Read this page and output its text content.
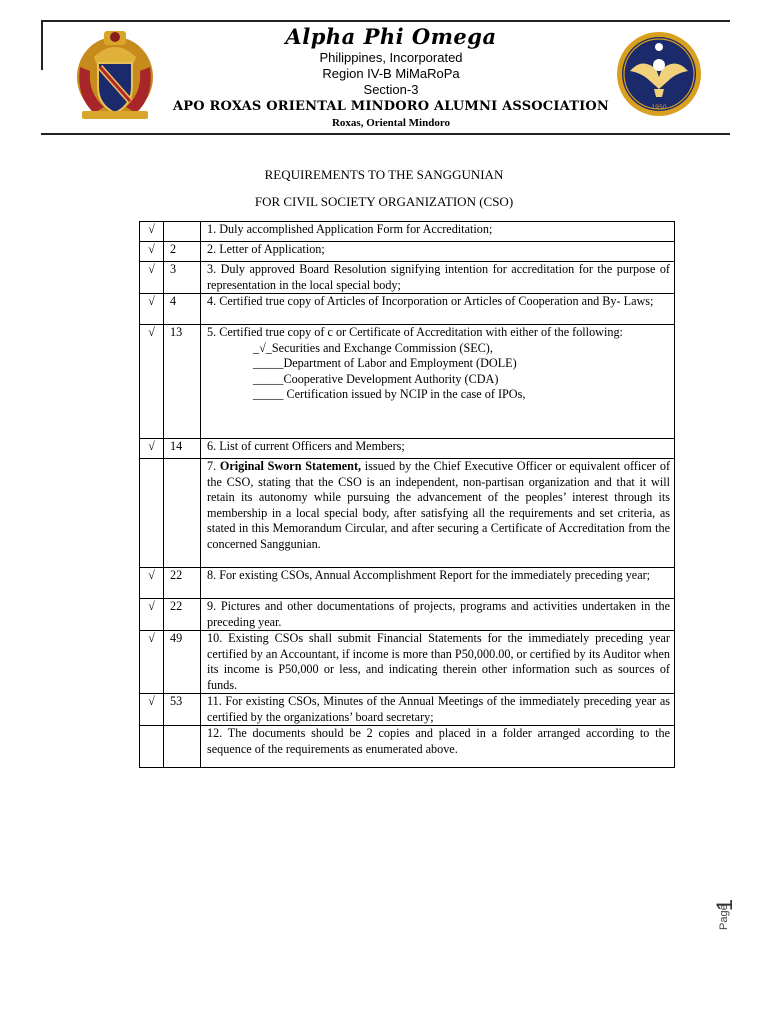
Alpha Phi Omega
Philippines, Incorporated
Region IV-B MiMaRoPa
Section-3
APO ROXAS ORIENTAL MINDORO ALUMNI ASSOCIATION
Roxas, Oriental Mindoro
1950
REQUIREMENTS TO THE SANGGUNIAN
FOR CIVIL SOCIETY ORGANIZATION (CSO)
√		1. Duly accomplished Application Form for Accreditation;
√	2	2. Letter of Application;
√	3	3. Duly approved Board Resolution signifying intention for accreditation for the purpose of representation in the local special body;
√	4	4. Certified true copy of Articles of Incorporation or Articles of Cooperation and By- Laws;
√	13	5. Certified true copy of c or Certificate of Accreditation with either of the following:
_√_Securities and Exchange Commission (SEC),
_____Department of Labor and Employment (DOLE)
_____Cooperative Development Authority (CDA)
_____ Certification issued by NCIP in the case of IPOs,

√	14	6. List of current Officers and Members;
		7. Original Sworn Statement, issued by the Chief Executive Officer or equivalent officer of the CSO, stating that the CSO is an independent, non-partisan organization and that it will retain its autonomy while pursuing the advancement of the peoples’ interest through its membership in a local special body, after satisfying all the requirements and set criteria, as stated in this Memorandum Circular, and after securing a Certificate of Accreditation from the concerned Sanggunian.
√	22	8. For existing CSOs, Annual Accomplishment Report for the immediately preceding year;
√	22	9. Pictures and other documentations of projects, programs and activities undertaken in the preceding year.
√	49	10. Existing CSOs shall submit Financial Statements for the immediately preceding year certified by an Accountant, if income is more than P50,000.00, or certified by its Auditor when its income is P50,000 or less, and indicating therein other information such as sources of funds.
√	53	11. For existing CSOs, Minutes of the Annual Meetings of the immediately preceding year as certified by the organizations’ board secretary;
		12. The documents should be 2 copies and placed in a folder arranged according to the sequence of the requirements as enumerated above.
Page
1
